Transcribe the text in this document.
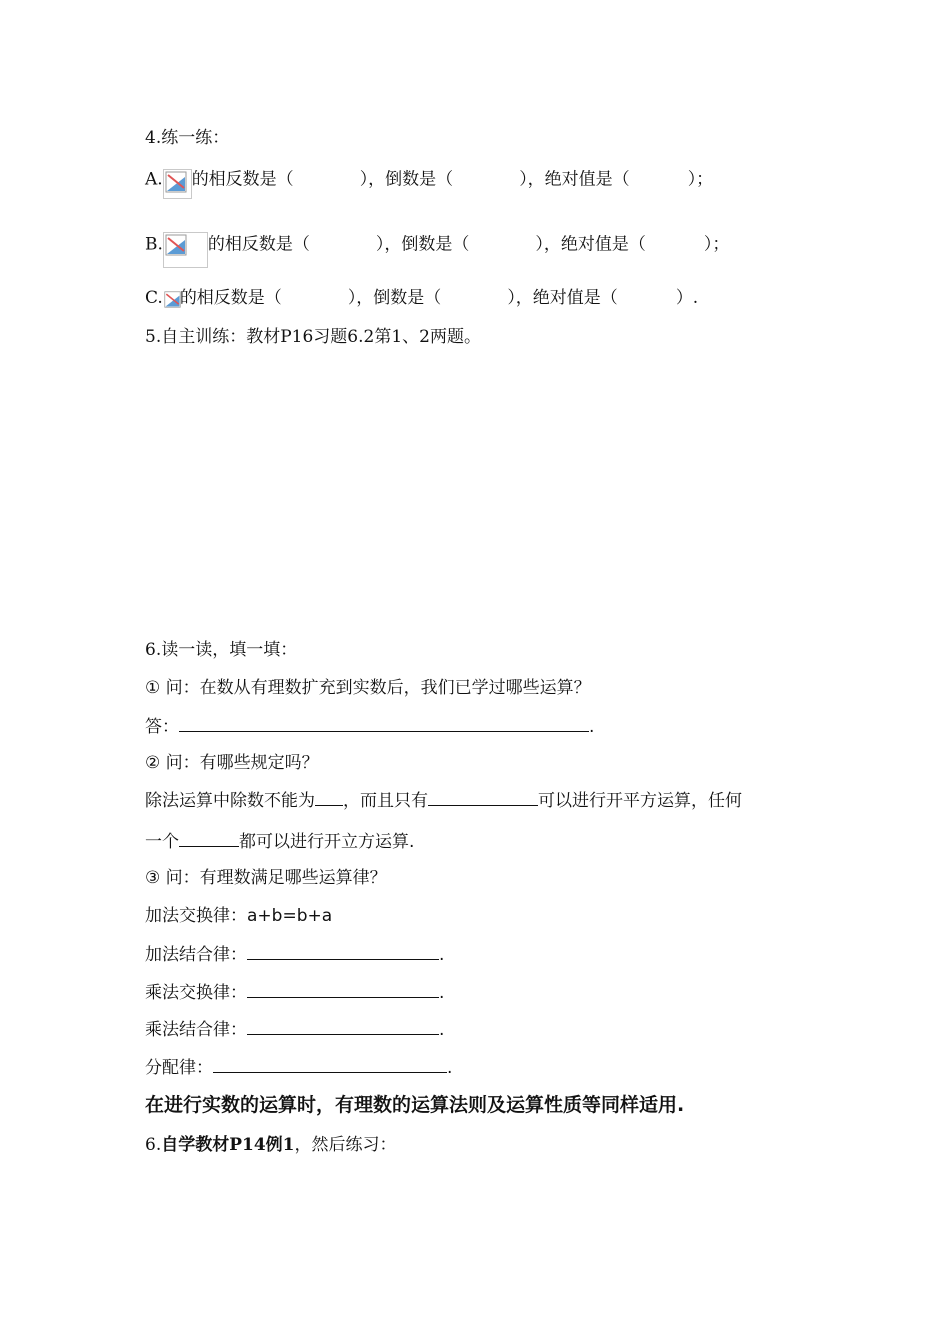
4.练一练：
A. 的相反数是（	），倒数是（	），绝对值是（	）；
B.	的相反数是（	），倒数是（	），绝对值是（	）；
C. 的相反数是（	），倒数是（	），绝对值是（	）.
5.自主训练：教材P16习题6.2第1、2两题。
6.读一读，填一填：
① 问：在数从有理数扩充到实数后，我们已学过哪些运算？
答：	.
② 问：有哪些规定吗？
除法运算中除数不能为 ，而且只有	可以进行开平方运算，任何
一个	都可以进行开立方运算.
③ 问：有理数满足哪些运算律？
加法交换律：a+b=b+a
加法结合律：	.
乘法交换律：	.
乘法结合律：	.
分配律：	.
在进行实数的运算时，有理数的运算法则及运算性质等同样适用.
6.自学教材P14例1，然后练习：
